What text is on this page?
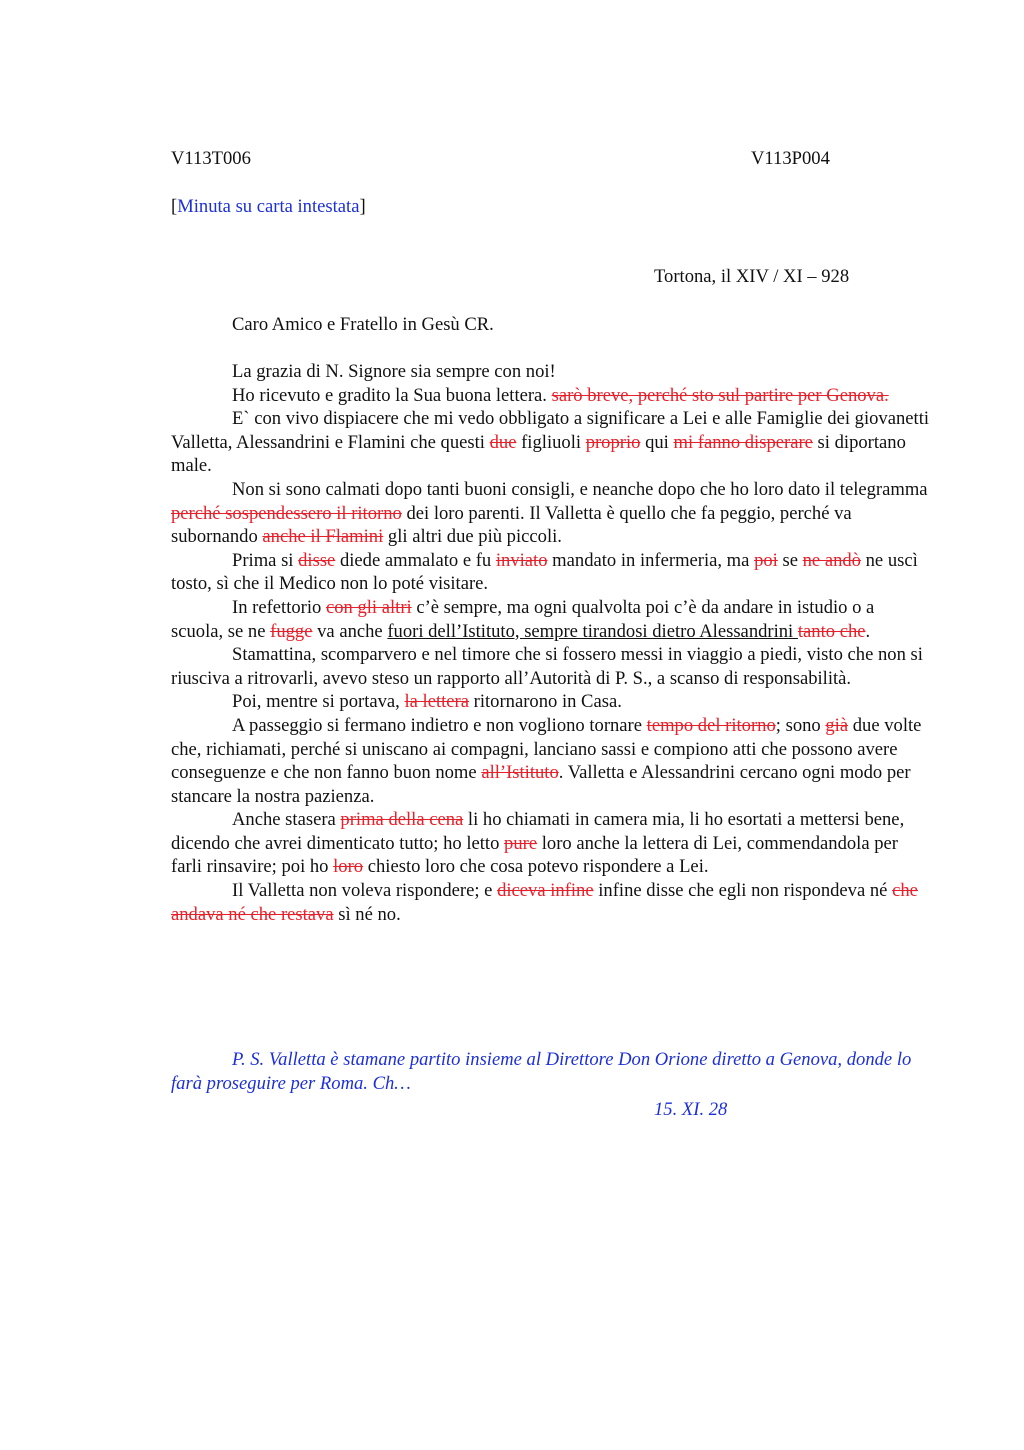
V113T006	V113P004
[Minuta su carta intestata]
Tortona, il XIV / XI – 928
Caro Amico e Fratello in Gesù CR.

La grazia di N. Signore sia sempre con noi!

Ho ricevuto e gradito la Sua buona lettera. sarò breve, perché sto sul partire per Genova.

E` con vivo dispiacere che mi vedo obbligato a significare a Lei e alle Famiglie dei giovanetti Valletta, Alessandrini e Flamini che questi due figliuoli proprio qui mi fanno disperare si diportano male.

Non si sono calmati dopo tanti buoni consigli, e neanche dopo che ho loro dato il telegramma perché sospendessero il ritorno dei loro parenti. Il Valletta è quello che fa peggio, perché va subornando anche il Flamini gli altri due più piccoli.

Prima si disse diede ammalato e fu inviato mandato in infermeria, ma poi se ne andò ne uscì tosto, sì che il Medico non lo poté visitare.

In refettorio con gli altri c’è sempre, ma ogni qualvolta poi c’è da andare in istudio o a scuola, se ne fugge va anche fuori dell’Istituto, sempre tirandosi dietro Alessandrini tanto che.

Stamattina, scomparvero e nel timore che si fossero messi in viaggio a piedi, visto che non si riusciva a ritrovarli, avevo steso un rapporto all’Autorità di P. S., a scanso di responsabilità.

Poi, mentre si portava, la lettera ritornarono in Casa.

A passeggio si fermano indietro e non vogliono tornare tempo del ritorno; sono già due volte che, richiamati, perché si uniscano ai compagni, lanciano sassi e compiono atti che possono avere conseguenze e che non fanno buon nome all’Istituto. Valletta e Alessandrini cercano ogni modo per stancare la nostra pazienza.

Anche stasera prima della cena li ho chiamati in camera mia, li ho esortati a mettersi bene, dicendo che avrei dimenticato tutto; ho letto pure loro anche la lettera di Lei, commendandola per farli rinsavire; poi ho loro chiesto loro che cosa potevo rispondere a Lei.

Il Valletta non voleva rispondere; e diceva infine infine disse che egli non rispondeva né che andava né che restava sì né no.

P. S. Valletta è stamane partito insieme al Direttore Don Orione diretto a Genova, donde lo farà proseguire per Roma. Ch…

15. XI. 28
